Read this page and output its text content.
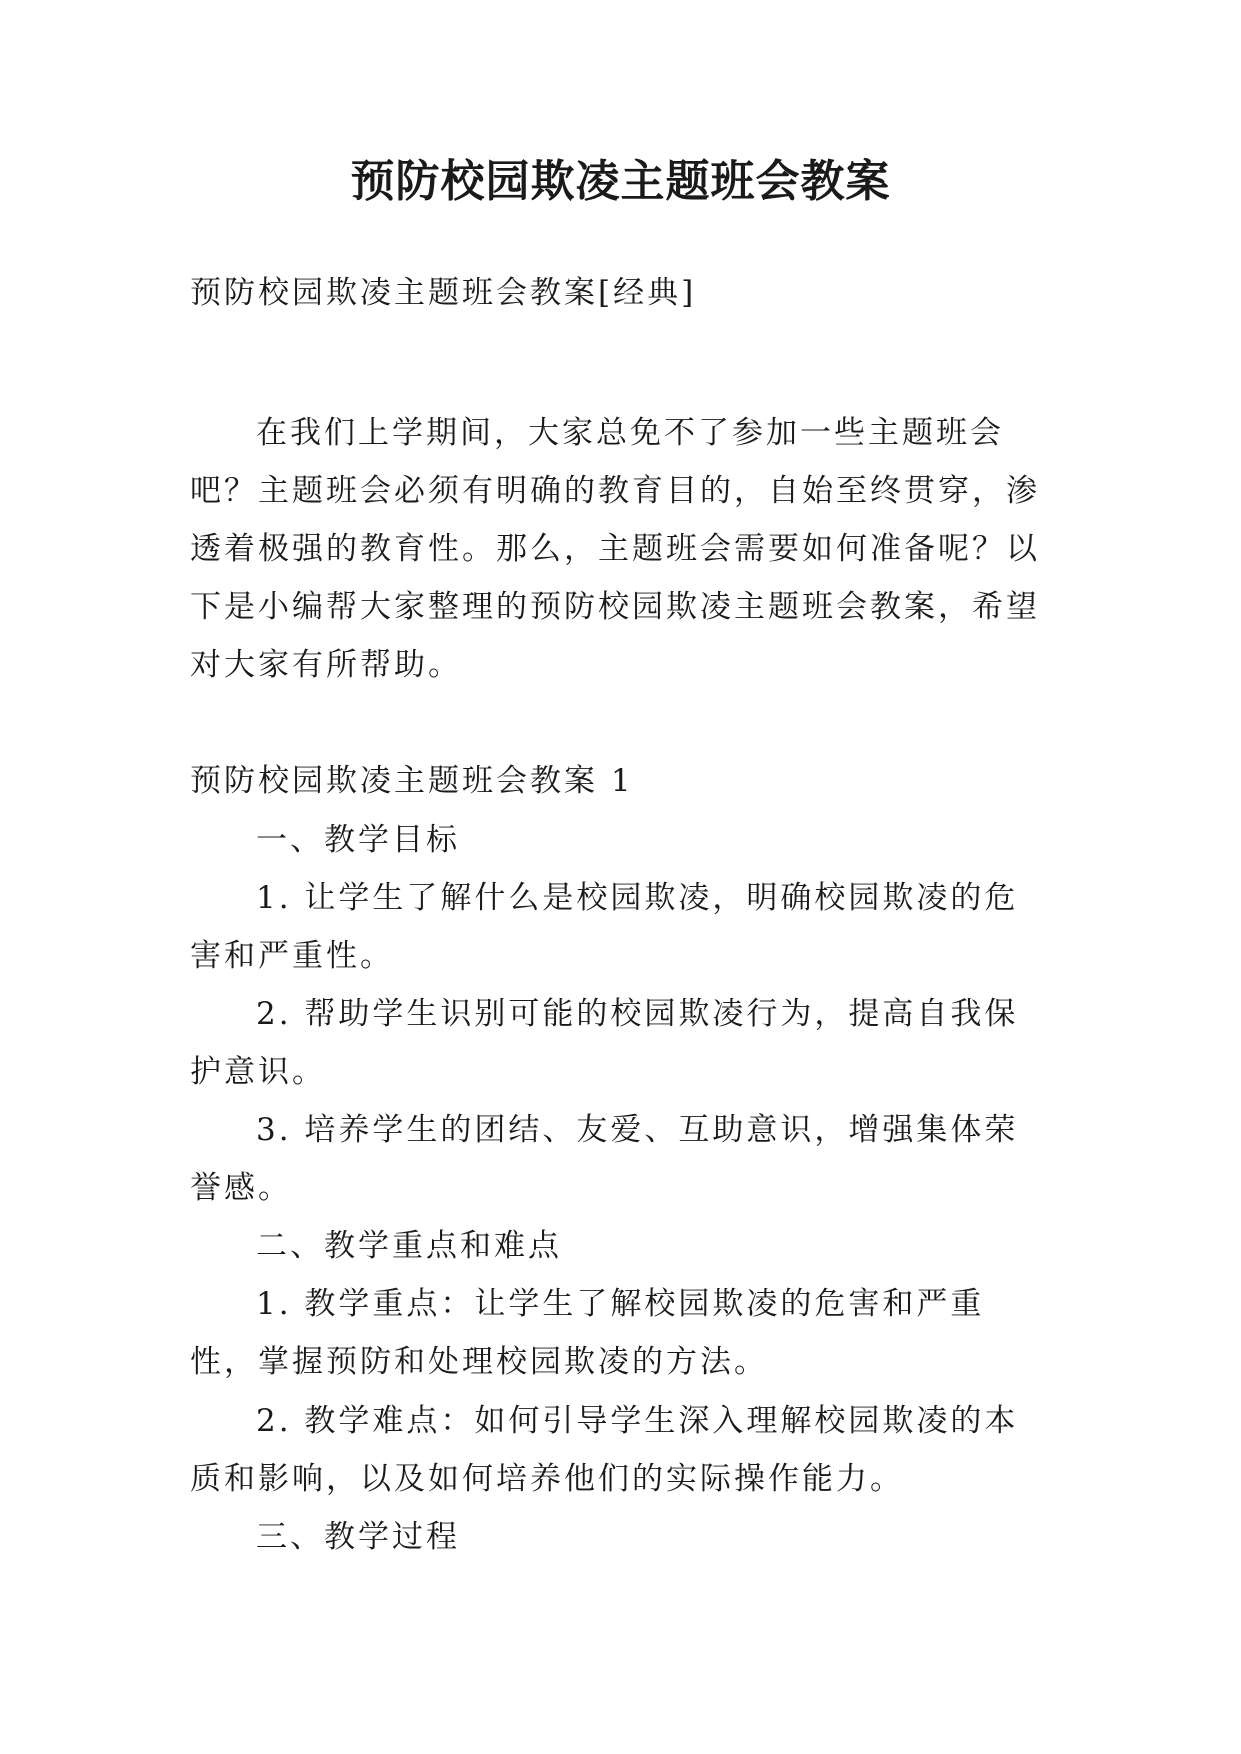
预防校园欺凌主题班会教案

预防校园欺凌主题班会教案[经典]

在我们上学期间，大家总免不了参加一些主题班会吧？主题班会必须有明确的教育目的，自始至终贯穿，渗透着极强的教育性。那么，主题班会需要如何准备呢？以下是小编帮大家整理的预防校园欺凌主题班会教案，希望对大家有所帮助。

预防校园欺凌主题班会教案 1

一、教学目标

1. 让学生了解什么是校园欺凌，明确校园欺凌的危害和严重性。

2. 帮助学生识别可能的校园欺凌行为，提高自我保护意识。

3. 培养学生的团结、友爱、互助意识，增强集体荣誉感。

二、教学重点和难点

1. 教学重点：让学生了解校园欺凌的危害和严重性，掌握预防和处理校园欺凌的方法。

2. 教学难点：如何引导学生深入理解校园欺凌的本质和影响，以及如何培养他们的实际操作能力。

三、教学过程
